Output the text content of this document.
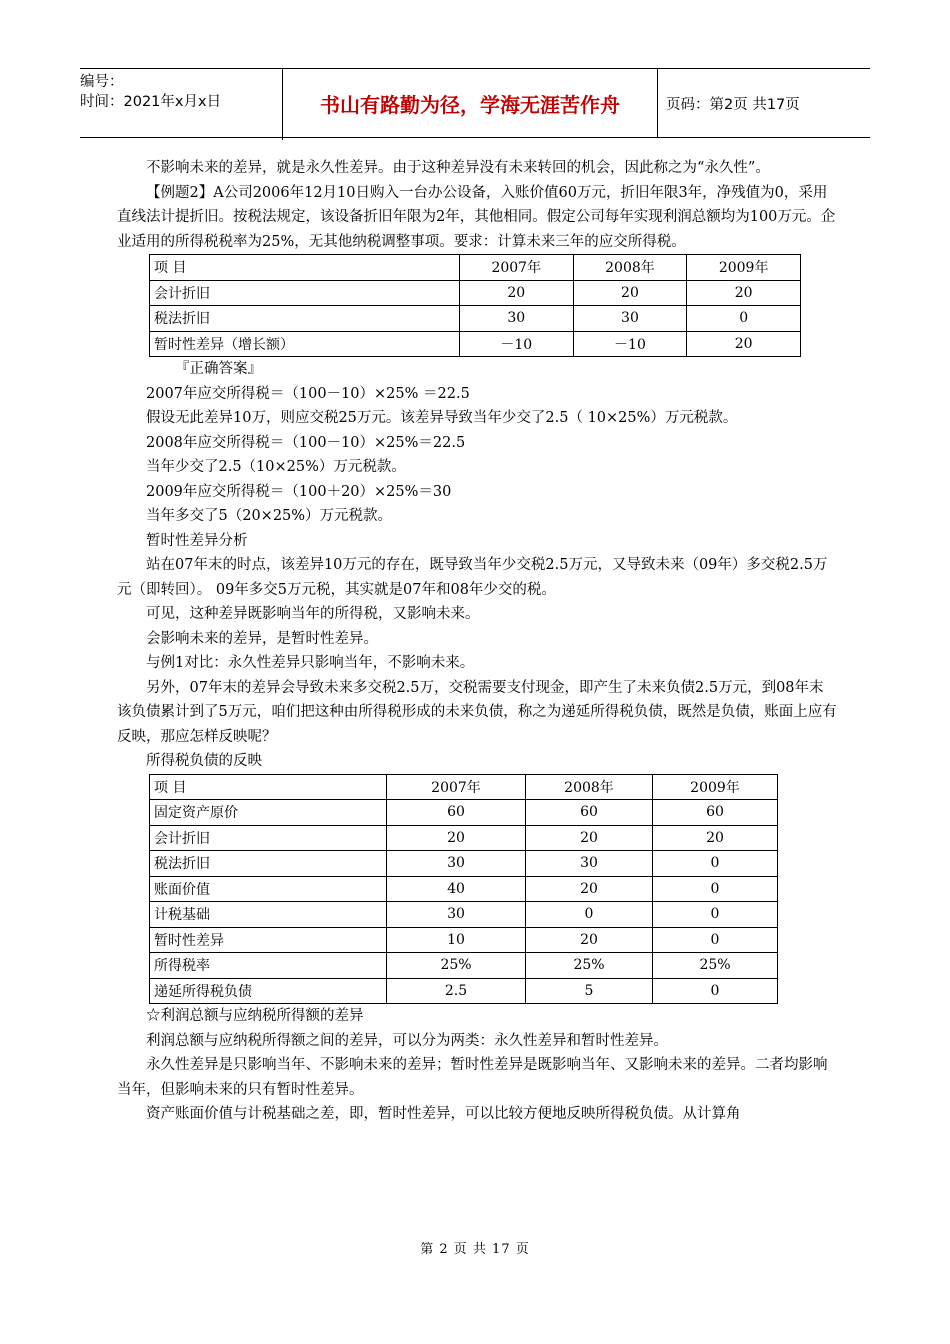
编号：
时间：2021年x月x日	书山有路勤为径，学海无涯苦作舟	页码：第2页 共17页

不影响未来的差异，就是永久性差异。由于这种差异没有未来转回的机会，因此称之为“永久性”。

【例题2】A公司2006年12月10日购入一台办公设备，入账价值60万元，折旧年限3年，净残值为0，采用直线法计提折旧。按税法规定，该设备折旧年限为2年，其他相同。假定公司每年实现利润总额均为100万元。企业适用的所得税税率为25%，无其他纳税调整事项。要求：计算未来三年的应交所得税。

项 目	2007年	2008年	2009年
会计折旧	20	20	20
税法折旧	30	30	0
暂时性差异（增长额）	－10	－10	20

『正确答案』

2007年应交所得税＝（100－10）×25% ＝22.5

假设无此差异10万，则应交税25万元。该差异导致当年少交了2.5（ 10×25%）万元税款。

2008年应交所得税＝（100－10）×25%＝22.5

当年少交了2.5（10×25%）万元税款。

2009年应交所得税＝（100＋20）×25%＝30

当年多交了5（20×25%）万元税款。

暂时性差异分析

站在07年末的时点，该差异10万元的存在，既导致当年少交税2.5万元，又导致未来（09年）多交税2.5万元（即转回）。 09年多交5万元税，其实就是07年和08年少交的税。

可见，这种差异既影响当年的所得税，又影响未来。

会影响未来的差异，是暂时性差异。

与例1对比：永久性差异只影响当年，不影响未来。

另外，07年末的差异会导致未来多交税2.5万，交税需要支付现金，即产生了未来负债2.5万元，到08年末该负债累计到了5万元，咱们把这种由所得税形成的未来负债，称之为递延所得税负债，既然是负债，账面上应有反映，那应怎样反映呢？

所得税负债的反映

项 目	2007年	2008年	2009年
固定资产原价	60	60	60
会计折旧	20	20	20
税法折旧	30	30	0
账面价值	40	20	0
计税基础	30	0	0
暂时性差异	10	20	0
所得税率	25%	25%	25%
递延所得税负债	2.5	5	0

☆利润总额与应纳税所得额的差异

利润总额与应纳税所得额之间的差异，可以分为两类：永久性差异和暂时性差异。

永久性差异是只影响当年、不影响未来的差异；暂时性差异是既影响当年、又影响未来的差异。二者均影响当年，但影响未来的只有暂时性差异。

资产账面价值与计税基础之差，即，暂时性差异，可以比较方便地反映所得税负债。从计算角

第 2 页 共 17 页
